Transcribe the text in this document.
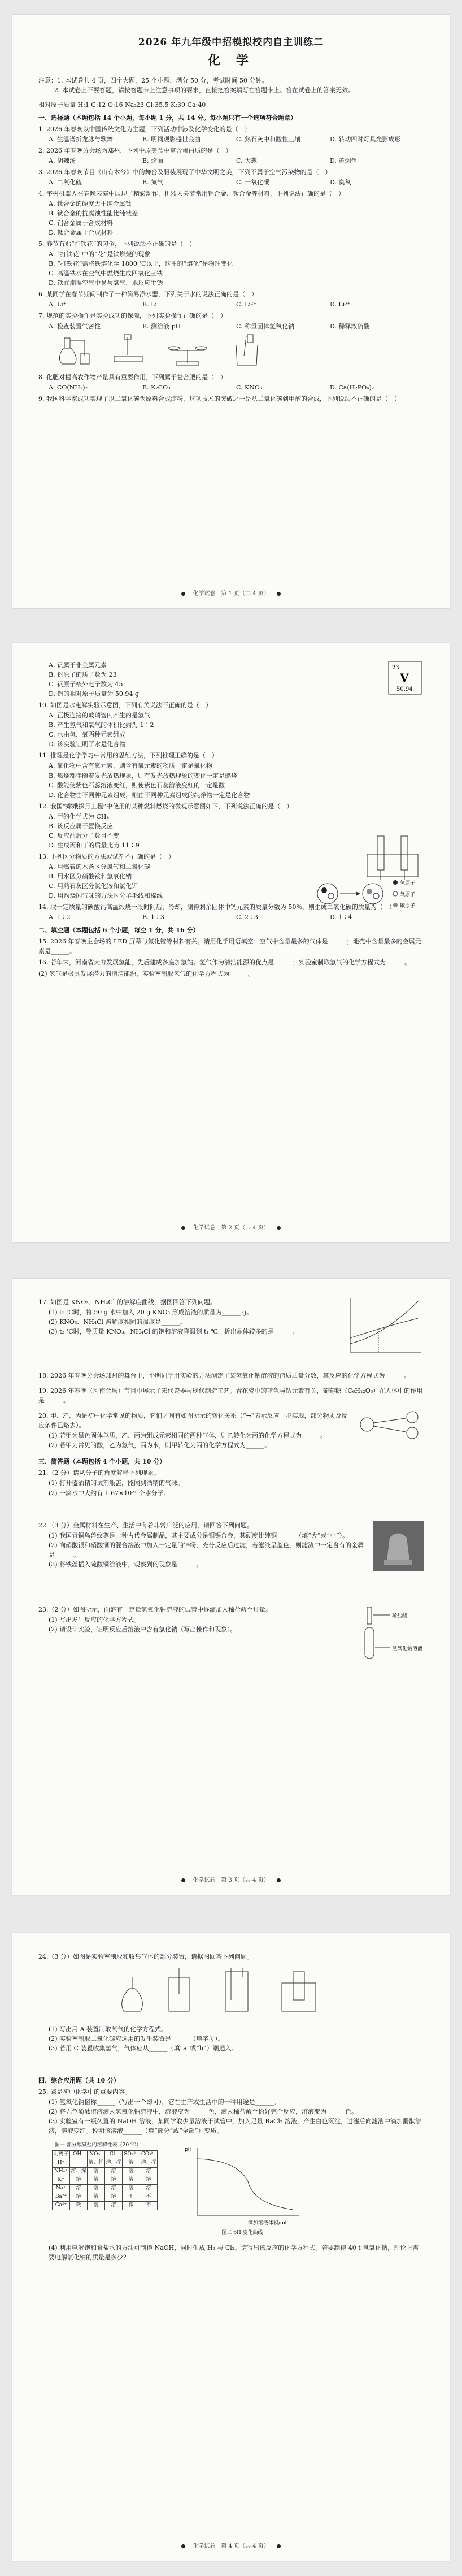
2026 年九年级中招模拟校内自主训练二
化 学

注意：1. 本试卷共 4 页，四个大题，25 个小题，满分 50 分，考试时间 50 分钟。

2. 本试卷上不要答题，请按答题卡上注意事项的要求，直接把答案填写在答题卡上。答在试卷上的答案无效。

相对原子质量 H:1 C:12 O:16 Na:23 Cl:35.5 K:39 Ca:40
一、选择题（本题包括 14 个小题，每小题 1 分，共 14 分。每小题只有一个选项符合题意）
1. 2026 年春晚以中国传统文化为主题，下列活动中涉及化学变化的是（　）
A. 生温谱折龙脉与歌舞	B. 明祠观影盛世金曲	C. 熟石灰中和酸性土壤	D. 转动四时灯具光影成形
2. 2026 年春晚分会场为郑州，下列中原美食中富含蛋白质的是（　）
A. 胡辣汤	B. 烩面	C. 大葱	D. 黄焖鱼
3. 2026 年春晚节目《山有木兮》中的舞台及服装展现了中华文明之美，下列不属于空气污染物的是（　）
A. 二氧化硫	B. 氮气	C. 一氧化碳	D. 臭氧
4. 宇树机器人在春晚表演中展现了精彩动作，机器人关节常用铝合金、钛合金等材料，下列说法正确的是（　）
A. 钛合金的硬度大于纯金属钛
B. 钛合金的抗腐蚀性能比纯钛差
C. 铝合金属于合成材料
D. 钛合金属于合成材料
5. 春节有贴“打铁花”的习俗，下列说法不正确的是（　）
A. “打铁花”中的“花”是铁燃烧的现象
B. “打铁花”需将铁熔化至 1800 ℃以上，这里的“熔化”是物理变化
C. 高温铁水在空气中燃烧生成四氧化三铁
D. 铁在潮湿空气中易与氧气、水反应生锈
6. 某同学在春节期间制作了一种简易净水器，下列关于水的说法正确的是（　）
A. Li⁺	B. Li	C. Li²⁺	D. Li³⁺
7. 规范的实验操作是实验成功的保障，下列实验操作正确的是（　）
A. 检查装置气密性	B. 测溶液 pH	C. 称量固体氢氧化钠	D. 稀释浓硫酸
8. 化肥对提高农作物产量具有重要作用，下列属于复合肥的是（　）
A. CO(NH₂)₂	B. K₂CO₃	C. KNO₃	D. Ca(H₂PO₄)₂
9. 我国科学家成功实现了以二氧化碳为原料合成淀粉，这项技术的突破之一是从二氧化碳到甲醇的合成，下列说法不正确的是（　）
化学试卷　第 1 页（共 4 页）
23
V
50.94
A. 钒属于非金属元素
B. 钒原子的质子数为 23
C. 钒原子核外电子数为 45
D. 钒的相对原子质量为 50.94 g
10. 如图是水电解实验示意图，下列有关说法不正确的是（　）
A. 正极连接的玻璃管内产生的是氢气
B. 产生氢气和氧气的体积比约为 1∶2
C. 水由氢、氧两种元素组成
D. 该实验证明了水是化合物
11. 推理是化学学习中常用的思维方法，下列推理正确的是（　）
A. 氧化物中含有氧元素，则含有氧元素的物质一定是氧化物
B. 燃烧都伴随着发光放热现象，则有发光放热现象的变化一定是燃烧
C. 酸能使紫色石蕊溶液变红，则使紫色石蕊溶液变红的一定是酸
D. 化合物由不同种元素组成，则由不同种元素组成的纯净物一定是化合物
12. 我国“嫦娥探月工程”中使用的某种燃料燃烧的微观示意图如下，下列说法正确的是（　）
A. 甲的化学式为 CH₄
B. 该反应属于置换反应
C. 反应前后分子数目不变
D. 生成丙和丁的质量比为 11∶9
13. 下列区分物质的方法或试剂不正确的是（　）
A. 用燃着的木条区分氮气和二氧化碳
B. 用水区分硝酸铵和氢氧化钠
C. 用熟石灰区分氯化铵和氯化钾
D. 用灼烧闻气味的方法区分羊毛线和棉线
14. 取一定质量的碳酸钙高温煅烧一段时间后，冷却，测得剩余固体中钙元素的质量分数为 50%，则生成二氧化碳的质量为（　）
A. 1 ∶ 2	B. 1 ∶ 3	C. 2 ∶ 3	D. 1 ∶ 4
氢原子
氧原子
碳原子
二、填空题（本题包括 6 个小题，每空 1 分，共 16 分）
15. 2026 年春晚主会场的 LED 屏幕与氮化镓等材料有关。请用化学用语填空：空气中含量最多的气体是______；地壳中含量最多的金属元素是______。
16. 若年末，河南省大力发展氢能，先后建成多座加氢站。氢气作为清洁能源的优点是______；实验室制取氢气的化学方程式为______。
(2) 氢气是极具发展潜力的清洁能源，实验室制取氢气的化学方程式为______。
化学试卷　第 2 页（共 4 页）
17. 如图是 KNO₃、NH₄Cl 的溶解度曲线，据图回答下列问题。
(1) t₁ ℃时，将 50 g 水中加入 20 g KNO₃ 形成溶液的质量为______ g。
(2) KNO₃、NH₄Cl 溶解度相同的温度是______。
(3) t₂ ℃时，等质量 KNO₃、NH₄Cl 的饱和溶液降温到 t₁ ℃，析出晶体较多的是______。
18. 2026 年春晚分会场郑州的舞台上，小明同学用实验的方法测定了某氢氧化钠溶液的溶质质量分数，其反应的化学方程式为______。
19. 2026 年春晚（河南会场）节目中展示了宋代瓷器与现代制造工艺。青花瓷中的蓝色与钴元素有关，葡萄糖（C₆H₁₂O₆）在人体中的作用是______。
20. 甲、乙、丙是初中化学常见的物质，它们之间有如图所示的转化关系（“→”表示反应一步实现，部分物质及反应条件已略去）。
(1) 若甲为黑色固体单质，乙、丙为组成元素相同的两种气体，则乙转化为丙的化学方程式为______。
(2) 若甲为常见的酸，乙为氢气，丙为水，则甲转化为丙的化学方程式为______。
三、简答题（本题包括 4 个小题，共 10 分）
21.（2 分）请从分子的角度解释下列现象。
(1) 打开盛酒精的试剂瓶盖，能闻到酒精的气味。
(2) 一滴水中大约有 1.67×10²¹ 个水分子。
22.（3 分）金属材料在生产、生活中有着非常广泛的应用，请回答下列问题。
(1) 我国青铜鸟兽纹尊是一种古代金属制品，其主要成分是铜锡合金，其硬度比纯铜______（填“大”或“小”）。
(2) 向硝酸银和硝酸铜的混合溶液中加入一定量的锌粉，充分反应后过滤，若滤液呈蓝色，则滤渣中一定含有的金属是______。
(3) 将铁丝插入硫酸铜溶液中，观察到的现象是______。
稀盐酸
氢氧化钠溶液
23.（2 分）如图所示，向盛有一定量氢氧化钠溶液的试管中逐滴加入稀盐酸至过量。
(1) 写出发生反应的化学方程式。
(2) 请设计实验，证明反应后溶液中含有氯化钠（写出操作和现象）。
化学试卷　第 3 页（共 4 页）
24.（3 分）如图是实验室制取和收集气体的部分装置，请据图回答下列问题。
(1) 写出用 A 装置制取氧气的化学方程式。
(2) 实验室制取二氧化碳应选用的发生装置是______（填字母）。
(3) 若用 C 装置收集氢气，气体应从______（填“a”或“b”）端通入。
四、综合应用题（共 10 分）
25. 碱是初中化学中的重要内容。
(1) 氢氧化钠俗称______（写出一个即可），它在生产或生活中的一种用途是______。
(2) 将无色酚酞溶液滴入氢氧化钠溶液中，溶液变为______色，滴入稀盐酸至恰好完全反应，溶液变为______色。
(3) 实验室有一瓶久置的 NaOH 溶液，某同学取少量溶液于试管中，加入足量 BaCl₂ 溶液，产生白色沉淀，过滤后向滤液中滴加酚酞溶液，溶液变红。说明该溶液______（填“部分”或“全部”）变质。
图一 部分酸碱盐的溶解性表（20 ℃）
阴离子	OH⁻	NO₃⁻	Cl⁻	SO₄²⁻	CO₃²⁻
H⁺		溶、挥	溶、挥	溶	溶、挥
NH₄⁺	溶、挥	溶	溶	溶	溶
K⁺	溶	溶	溶	溶	溶
Na⁺	溶	溶	溶	溶	溶
Ba²⁺	溶	溶	溶	不	不
Ca²⁺	微	溶	溶	微	不
pH
滴加溶液体积/mL
图二 pH 变化曲线
(4) 利用电解饱和食盐水的方法可制得 NaOH，同时生成 H₂ 与 Cl₂。请写出该反应的化学方程式。若要制得 40 t 氢氧化钠，理论上需要电解氯化钠的质量是多少？
化学试卷　第 4 页（共 4 页）
